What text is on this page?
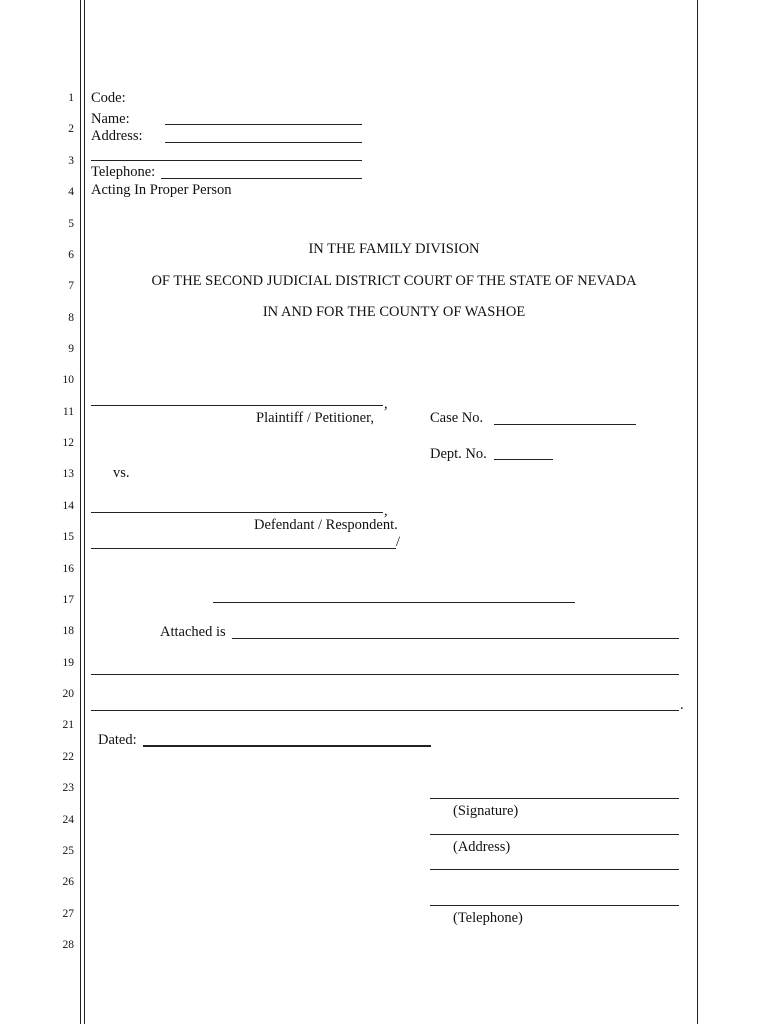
1
2
3
4
5
6
7
8
9
10
11
12
13
14
15
16
17
18
19
20
21
22
23
24
25
26
27
28
Code:
Name:
Address:
Telephone:
Acting In Proper Person
IN THE FAMILY DIVISION
OF THE SECOND JUDICIAL DISTRICT COURT OF THE STATE OF NEVADA
IN AND FOR THE COUNTY OF WASHOE
,
Plaintiff / Petitioner,	Case No.
Dept. No.
vs.
,
Defendant / Respondent.
/
Attached is
.
Dated:
(Signature)
(Address)
(Telephone)
